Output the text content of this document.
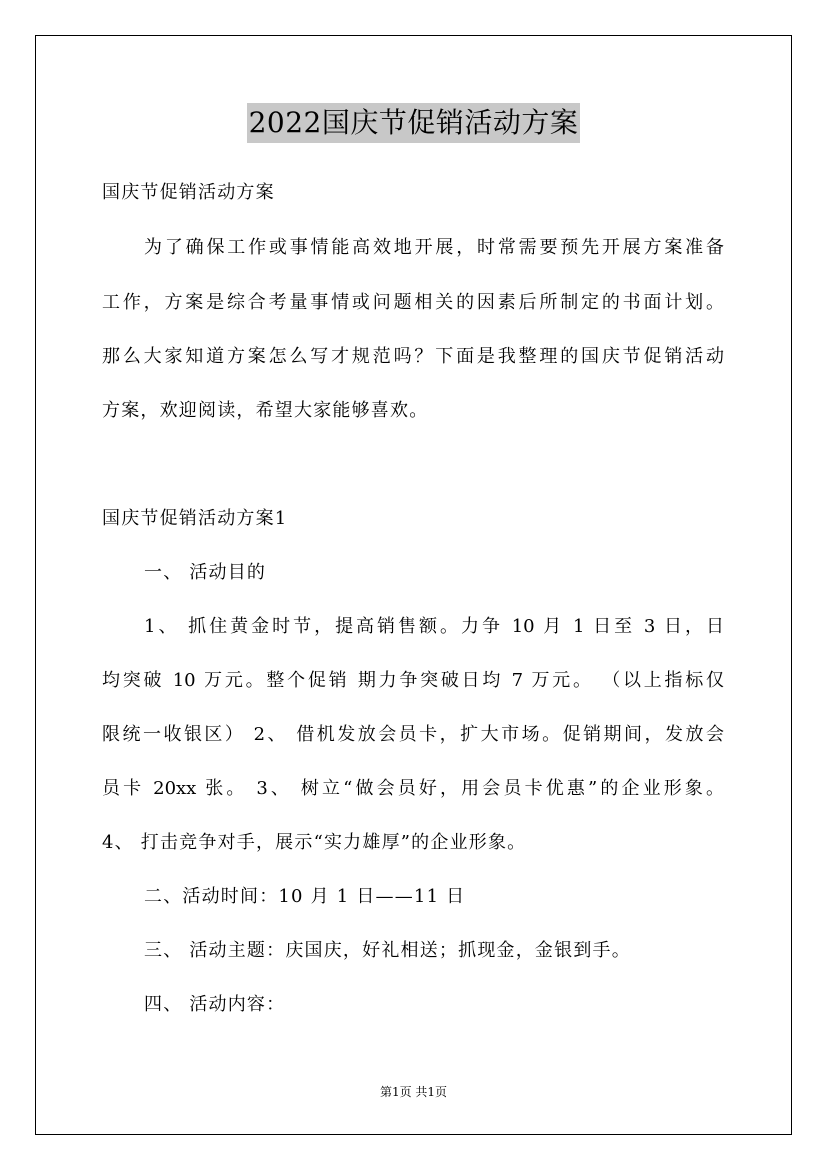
2022国庆节促销活动方案
国庆节促销活动方案
为了确保工作或事情能高效地开展，时常需要预先开展方案准备
工作，方案是综合考量事情或问题相关的因素后所制定的书面计划。
那么大家知道方案怎么写才规范吗？下面是我整理的国庆节促销活动
方案，欢迎阅读，希望大家能够喜欢。
国庆节促销活动方案1
一、 活动目的
1、 抓住黄金时节，提高销售额。力争 10 月 1 日至 3 日，日
均突破 10 万元。整个促销 期力争突破日均 7 万元。 （以上指标仅
限统一收银区） 2、 借机发放会员卡，扩大市场。促销期间，发放会
员卡 20xx 张。 3、 树立“做会员好，用会员卡优惠”的企业形象。
4、 打击竞争对手，展示“实力雄厚”的企业形象。
二、活动时间：10 月 1 日——11 日
三、 活动主题：庆国庆，好礼相送；抓现金，金银到手。
四、 活动内容：
第1页 共1页
